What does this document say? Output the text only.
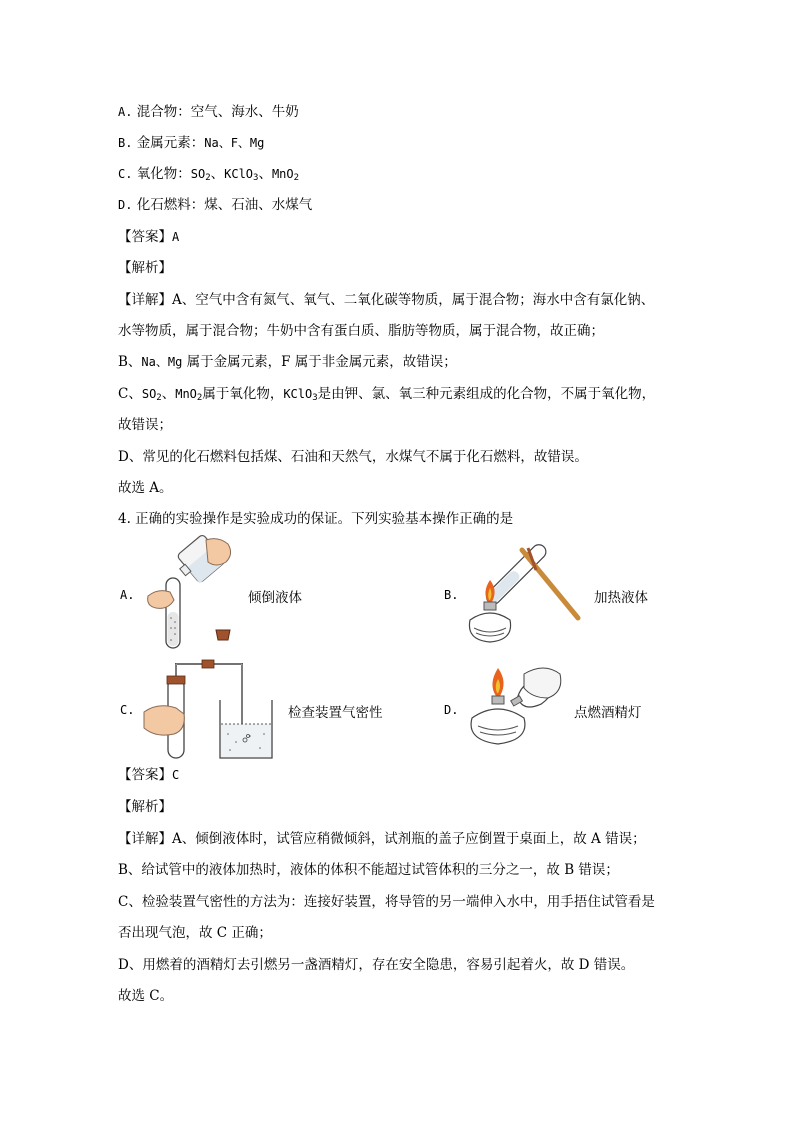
A. 混合物：空气、海水、牛奶
B. 金属元素：Na、F、Mg
C. 氧化物：$SO_2$、KClO$_3$、MnO$_2$
D. 化石燃料：煤、石油、水煤气
【答案】A
【解析】
【详解】A、空气中含有氮气、氧气、二氧化碳等物质，属于混合物；海水中含有氯化钠、
水等物质，属于混合物；牛奶中含有蛋白质、脂肪等物质，属于混合物，故正确；
B、Na、Mg 属于金属元素，F 属于非金属元素，故错误；
C、$SO_2$、MnO$_2$属于氧化物，KClO$_3$是由钾、氯、氧三种元素组成的化合物，不属于氧化物，
故错误；
D、常见的化石燃料包括煤、石油和天然气，水煤气不属于化石燃料，故错误。
故选 A。
4. 正确的实验操作是实验成功的保证。下列实验基本操作正确的是
A.	倾倒液体	B.	加热液体
C.	检查装置气密性	D.	点燃酒精灯
【答案】C
【解析】
【详解】A、倾倒液体时，试管应稍微倾斜，试剂瓶的盖子应倒置于桌面上，故 A 错误；
B、给试管中的液体加热时，液体的体积不能超过试管体积的三分之一，故 B 错误；
C、检验装置气密性的方法为：连接好装置，将导管的另一端伸入水中，用手捂住试管看是
否出现气泡，故 C 正确；
D、用燃着的酒精灯去引燃另一盏酒精灯，存在安全隐患，容易引起着火，故 D 错误。
故选 C。
